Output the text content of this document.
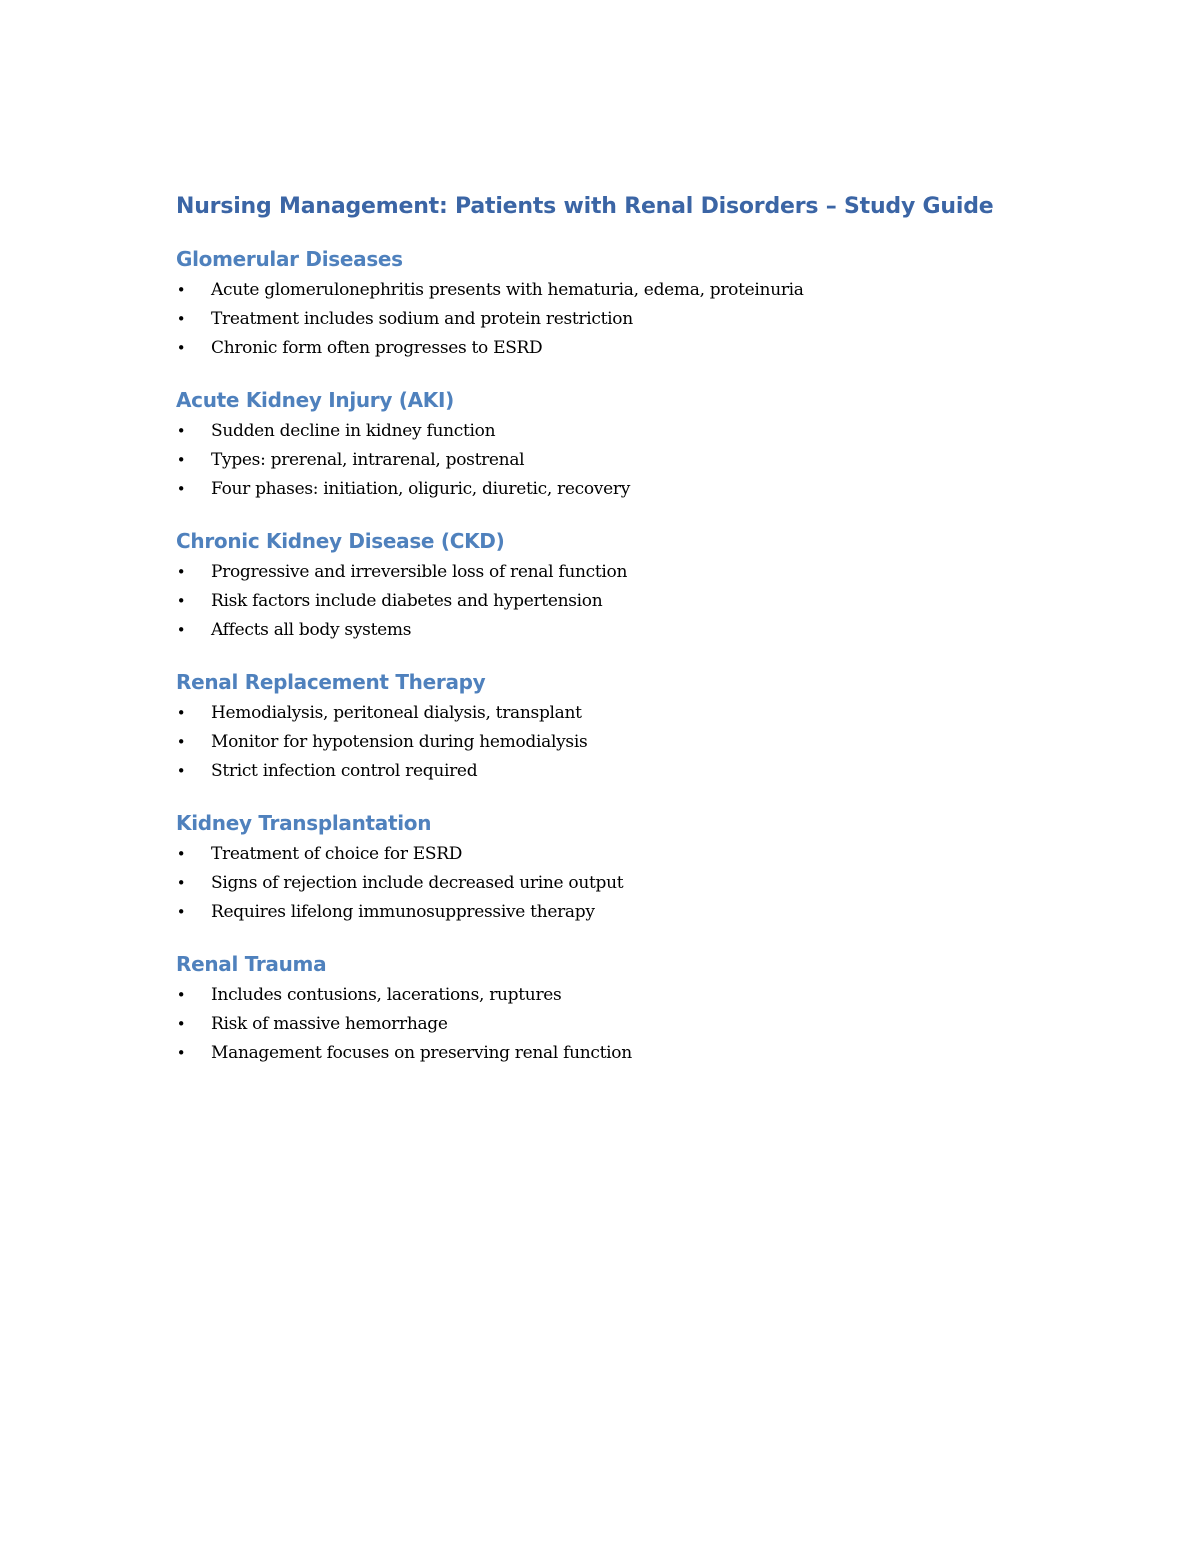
Nursing Management: Patients with Renal Disorders – Study Guide
Glomerular Diseases
• Acute glomerulonephritis presents with hematuria, edema, proteinuria
• Treatment includes sodium and protein restriction
• Chronic form often progresses to ESRD
Acute Kidney Injury (AKI)
• Sudden decline in kidney function
• Types: prerenal, intrarenal, postrenal
• Four phases: initiation, oliguric, diuretic, recovery
Chronic Kidney Disease (CKD)
• Progressive and irreversible loss of renal function
• Risk factors include diabetes and hypertension
• Affects all body systems
Renal Replacement Therapy
• Hemodialysis, peritoneal dialysis, transplant
• Monitor for hypotension during hemodialysis
• Strict infection control required
Kidney Transplantation
• Treatment of choice for ESRD
• Signs of rejection include decreased urine output
• Requires lifelong immunosuppressive therapy
Renal Trauma
• Includes contusions, lacerations, ruptures
• Risk of massive hemorrhage
• Management focuses on preserving renal function
